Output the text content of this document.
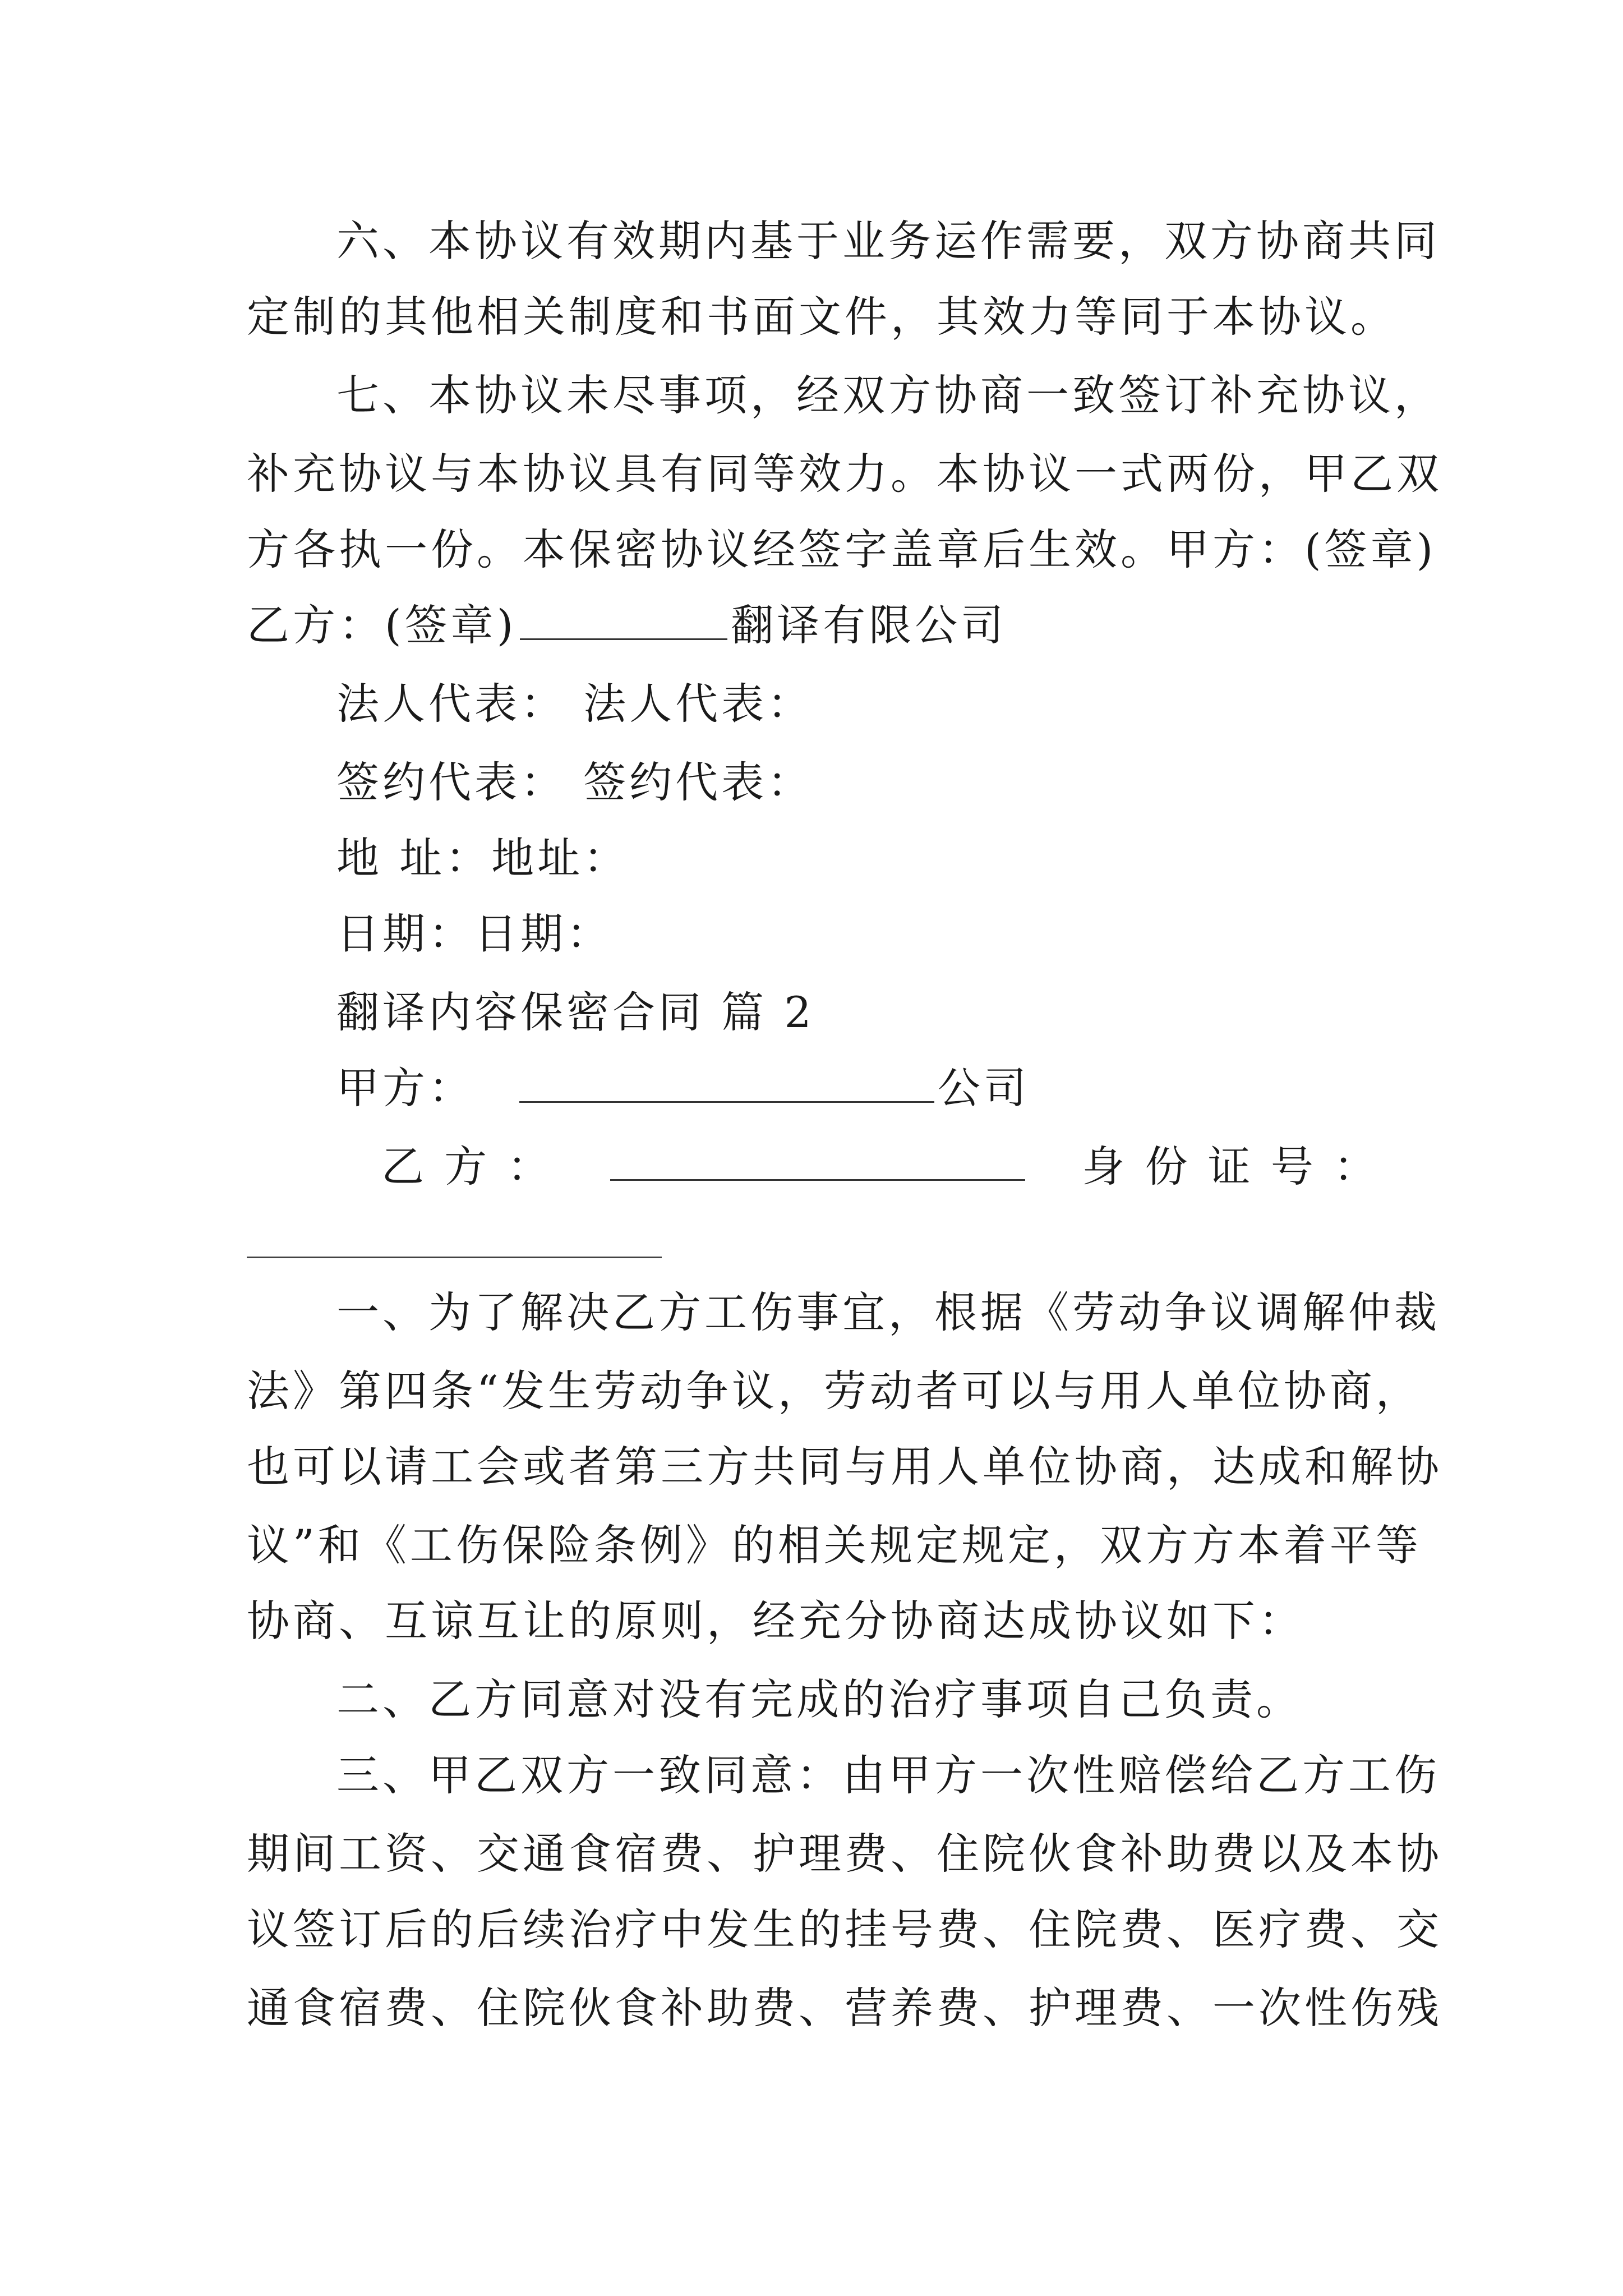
六、本协议有效期内基于业务运作需要，双方协商共同
定制的其他相关制度和书面文件，其效力等同于本协议。
七、本协议未尽事项，经双方协商一致签订补充协议，
补充协议与本协议具有同等效力。本协议一式两份，甲乙双
方各执一份。本保密协议经签字盖章后生效。甲方：(签章)
乙方：(签章)	翻译有限公司
法人代表： 法人代表：
签约代表： 签约代表：
地 址：地址：
日期：日期：
翻译内容保密合同 篇 2
甲方：	公司
乙 方 ：	身 份 证 号 ：
一、为了解决乙方工伤事宜，根据《劳动争议调解仲裁
法》第四条“发生劳动争议，劳动者可以与用人单位协商，
也可以请工会或者第三方共同与用人单位协商，达成和解协
议”和《工伤保险条例》的相关规定规定，双方方本着平等
协商、互谅互让的原则，经充分协商达成协议如下：
二、乙方同意对没有完成的治疗事项自己负责。
三、甲乙双方一致同意：由甲方一次性赔偿给乙方工伤
期间工资、交通食宿费、护理费、住院伙食补助费以及本协
议签订后的后续治疗中发生的挂号费、住院费、医疗费、交
通食宿费、住院伙食补助费、营养费、护理费、一次性伤残
